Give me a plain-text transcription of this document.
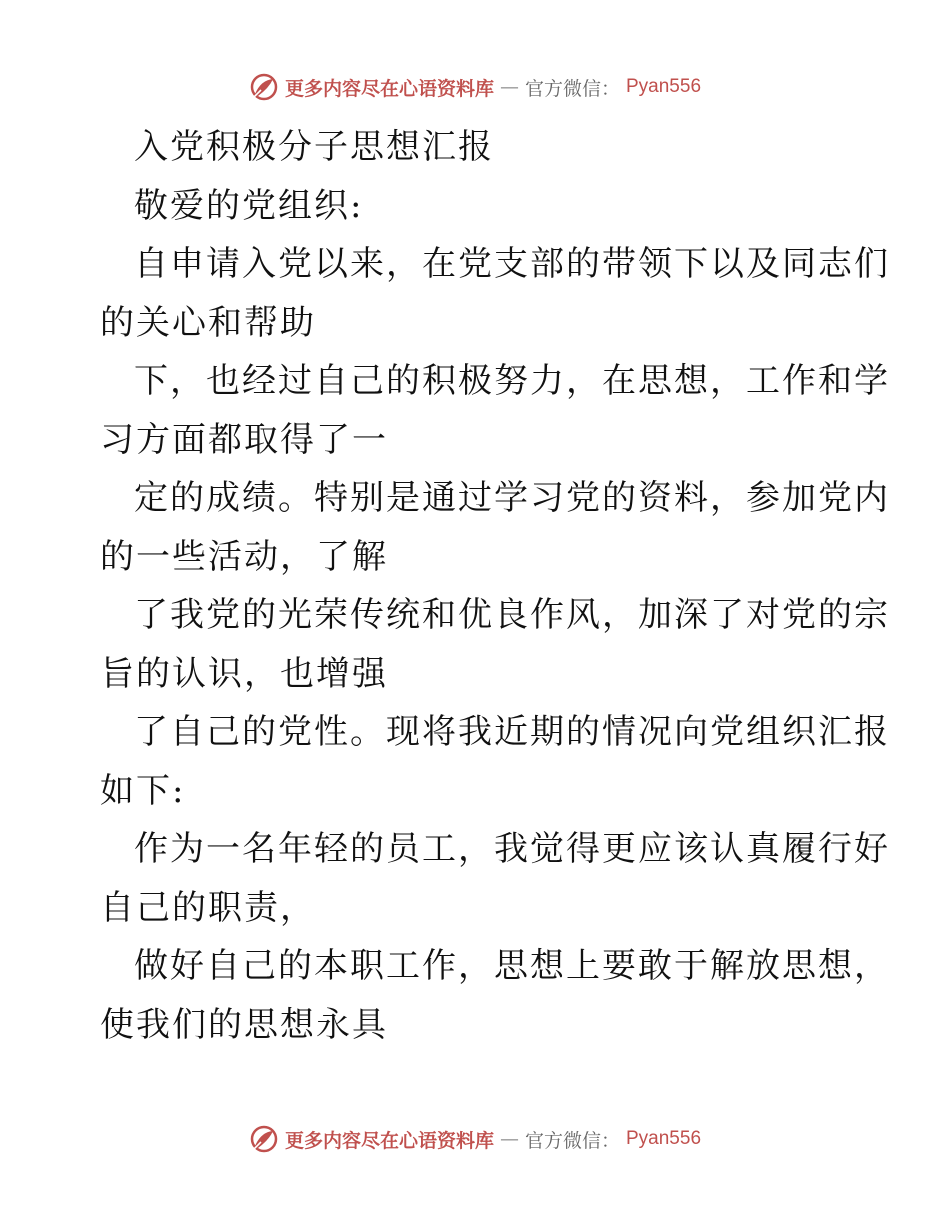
更多内容尽在心语资料库 — 官方微信： Pyan556
入党积极分子思想汇报
敬爱的党组织:
自申请入党以来，在党支部的带领下以及同志们
的关心和帮助
下，也经过自己的积极努力，在思想，工作和学
习方面都取得了一
定的成绩。特别是通过学习党的资料，参加党内
的一些活动，了解
了我党的光荣传统和优良作风，加深了对党的宗
旨的认识，也增强
了自己的党性。现将我近期的情况向党组织汇报
如下:
作为一名年轻的员工，我觉得更应该认真履行好
自己的职责，
做好自己的本职工作，思想上要敢于解放思想，
使我们的思想永具
更多内容尽在心语资料库 — 官方微信： Pyan556
